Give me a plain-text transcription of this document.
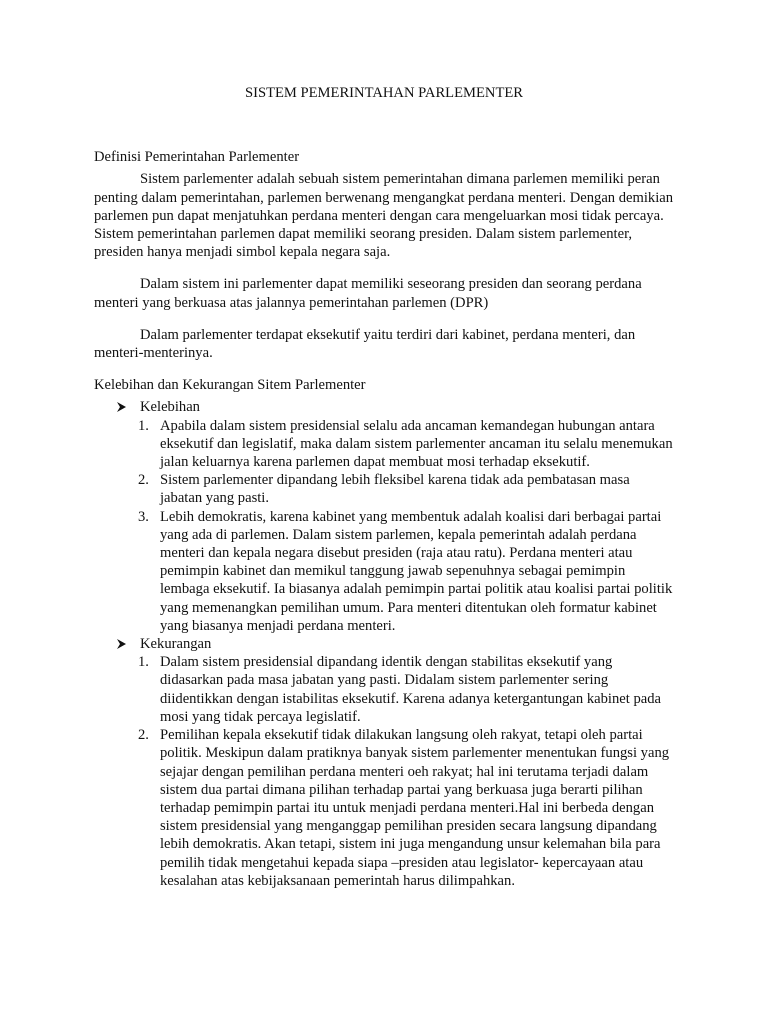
SISTEM PEMERINTAHAN PARLEMENTER

Definisi Pemerintahan Parlementer

Sistem parlementer adalah sebuah sistem pemerintahan dimana parlemen memiliki peran penting dalam pemerintahan, parlemen berwenang mengangkat perdana menteri. Dengan demikian parlemen pun dapat menjatuhkan perdana menteri dengan cara mengeluarkan mosi tidak percaya. Sistem pemerintahan parlemen dapat memiliki seorang presiden. Dalam sistem parlementer, presiden hanya menjadi simbol kepala negara saja.

Dalam sistem ini parlementer dapat memiliki seseorang presiden dan seorang perdana menteri yang berkuasa atas jalannya pemerintahan parlemen (DPR)

Dalam parlementer terdapat eksekutif yaitu terdiri dari kabinet, perdana menteri, dan menteri-menterinya.

Kelebihan dan Kekurangan Sitem Parlementer

Kelebihan

1. Apabila dalam sistem presidensial selalu ada ancaman kemandegan hubungan antara eksekutif dan legislatif, maka dalam sistem parlementer ancaman itu selalu menemukan jalan keluarnya karena parlemen dapat membuat mosi terhadap eksekutif.
2. Sistem parlementer dipandang lebih fleksibel karena tidak ada pembatasan masa jabatan yang pasti.
3. Lebih demokratis, karena kabinet yang membentuk adalah koalisi dari berbagai partai yang ada di parlemen. Dalam sistem parlemen, kepala pemerintah adalah perdana menteri dan kepala negara disebut presiden (raja atau ratu). Perdana menteri atau pemimpin kabinet dan memikul tanggung jawab sepenuhnya sebagai pemimpin lembaga eksekutif. Ia biasanya adalah pemimpin partai politik atau koalisi partai politik yang memenangkan pemilihan umum. Para menteri ditentukan oleh formatur kabinet yang biasanya menjadi perdana menteri.

Kekurangan

1. Dalam sistem presidensial dipandang identik dengan stabilitas eksekutif yang didasarkan pada masa jabatan yang pasti. Didalam sistem parlementer sering diidentikkan dengan istabilitas eksekutif. Karena adanya ketergantungan kabinet pada mosi yang tidak percaya legislatif.
2. Pemilihan kepala eksekutif tidak dilakukan langsung oleh rakyat, tetapi oleh partai politik. Meskipun dalam pratiknya banyak sistem parlementer menentukan fungsi yang sejajar dengan pemilihan perdana menteri oeh rakyat; hal ini terutama terjadi dalam sistem dua partai dimana pilihan terhadap partai yang berkuasa juga berarti pilihan terhadap pemimpin partai itu untuk menjadi perdana menteri.Hal ini berbeda dengan sistem presidensial yang menganggap pemilihan presiden secara langsung dipandang lebih demokratis. Akan tetapi, sistem ini juga mengandung unsur kelemahan bila para pemilih tidak mengetahui kepada siapa –presiden atau legislator- kepercayaan atau kesalahan atas kebijaksanaan pemerintah harus dilimpahkan.
